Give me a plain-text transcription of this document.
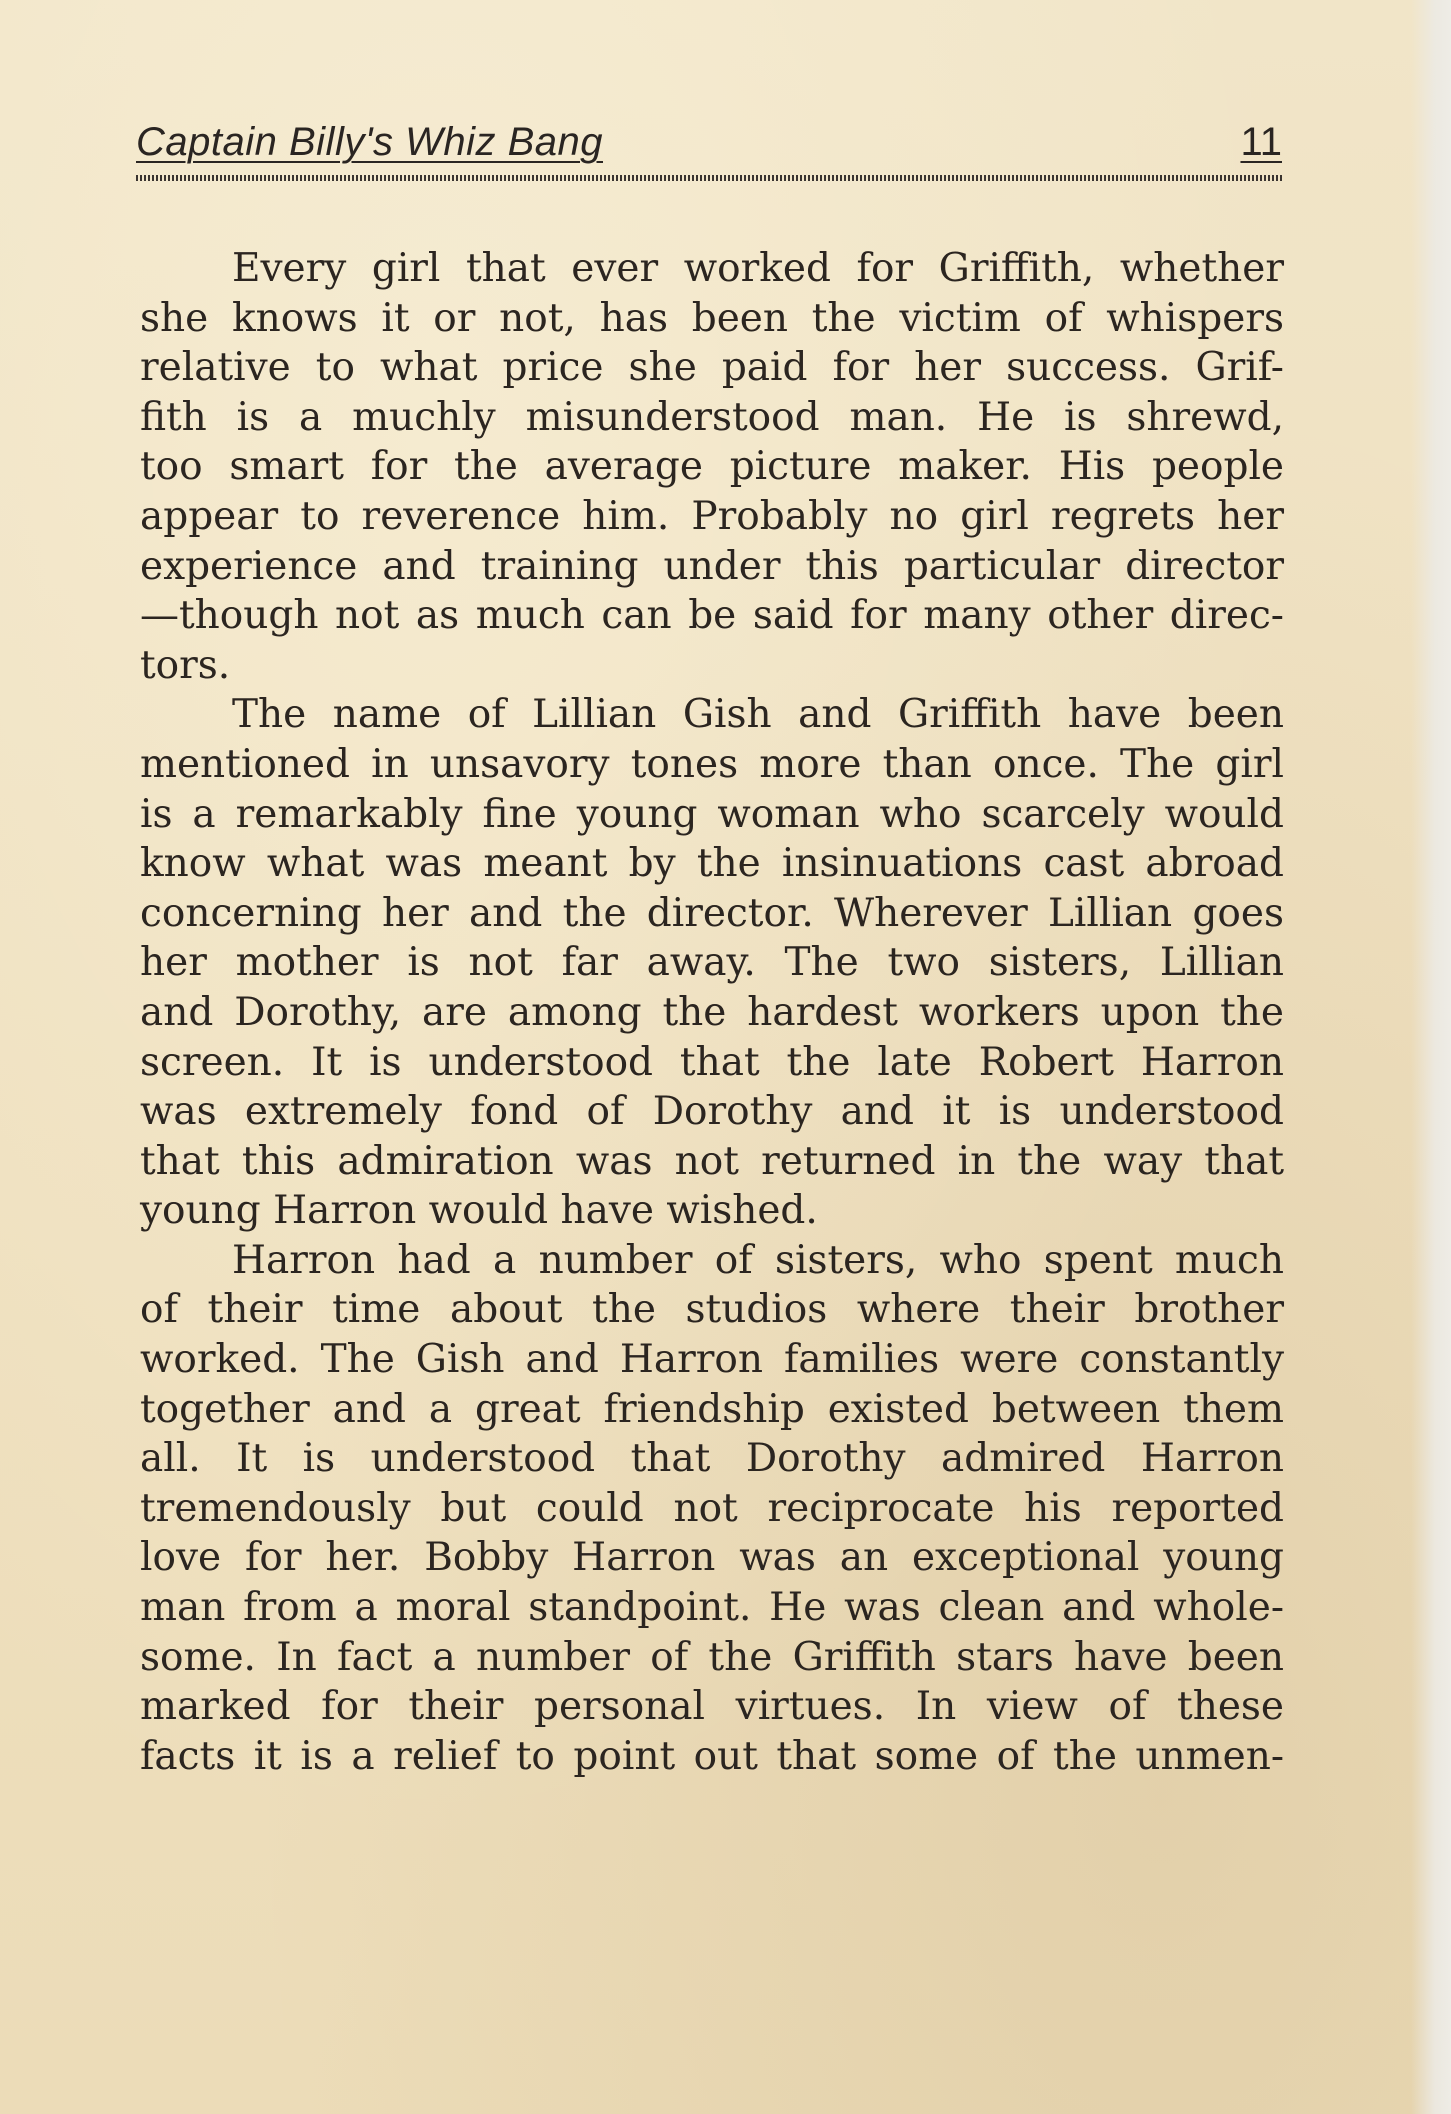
Captain Billy's Whiz Bang	11
Every girl that ever worked for Griffith, whether
she knows it or not, has been the victim of whispers
relative to what price she paid for her success. Grif-
fith is a muchly misunderstood man. He is shrewd,
too smart for the average picture maker. His people
appear to reverence him. Probably no girl regrets her
experience and training under this particular director
—though not as much can be said for many other direc-
tors.
The name of Lillian Gish and Griffith have been
mentioned in unsavory tones more than once. The girl
is a remarkably fine young woman who scarcely would
know what was meant by the insinuations cast abroad
concerning her and the director. Wherever Lillian goes
her mother is not far away. The two sisters, Lillian
and Dorothy, are among the hardest workers upon the
screen. It is understood that the late Robert Harron
was extremely fond of Dorothy and it is understood
that this admiration was not returned in the way that
young Harron would have wished.
Harron had a number of sisters, who spent much
of their time about the studios where their brother
worked. The Gish and Harron families were constantly
together and a great friendship existed between them
all. It is understood that Dorothy admired Harron
tremendously but could not reciprocate his reported
love for her. Bobby Harron was an exceptional young
man from a moral standpoint. He was clean and whole-
some. In fact a number of the Griffith stars have been
marked for their personal virtues. In view of these
facts it is a relief to point out that some of the unmen-
